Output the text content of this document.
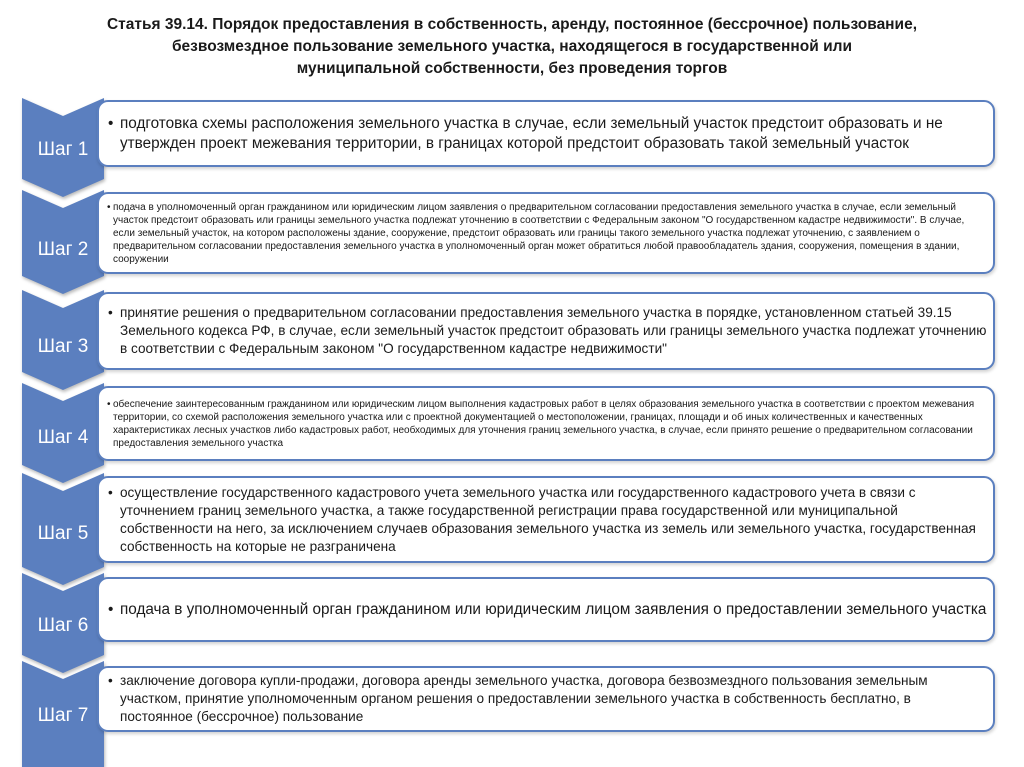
Статья 39.14. Порядок предоставления в собственность, аренду, постоянное (бессрочное) пользование,
безвозмездное пользование земельного участка, находящегося в государственной или
муниципальной собственности, без проведения торгов
Шаг 1
• подготовка схемы расположения земельного участка в случае, если земельный участок предстоит образовать и не утвержден проект межевания территории, в границах которой предстоит образовать такой земельный участок
Шаг 2
• подача в уполномоченный орган гражданином или юридическим лицом заявления о предварительном согласовании предоставления земельного участка в случае, если земельный участок предстоит образовать или границы земельного участка подлежат уточнению в соответствии с Федеральным законом "О государственном кадастре недвижимости". В случае, если земельный участок, на котором расположены здание, сооружение, предстоит образовать или границы такого земельного участка подлежат уточнению, с заявлением о предварительном согласовании предоставления земельного участка в уполномоченный орган может обратиться любой правообладатель здания, сооружения, помещения в здании, сооружении
Шаг 3
• принятие решения о предварительном согласовании предоставления земельного участка в порядке, установленном статьей 39.15 Земельного кодекса РФ, в случае, если земельный участок предстоит образовать или границы земельного участка подлежат уточнению в соответствии с Федеральным законом "О государственном кадастре недвижимости"
Шаг 4
• обеспечение заинтересованным гражданином или юридическим лицом выполнения кадастровых работ в целях образования земельного участка в соответствии с проектом межевания территории, со схемой расположения земельного участка или с проектной документацией о местоположении, границах, площади и об иных количественных и качественных характеристиках лесных участков либо кадастровых работ, необходимых для уточнения границ земельного участка, в случае, если принято решение о предварительном согласовании предоставления земельного участка
Шаг 5
• осуществление государственного кадастрового учета земельного участка или государственного кадастрового учета в связи с уточнением границ земельного участка, а также государственной регистрации права государственной или муниципальной собственности на него, за исключением случаев образования земельного участка из земель или земельного участка, государственная собственность на которые не разграничена
Шаг 6
• подача в уполномоченный орган гражданином или юридическим лицом заявления о предоставлении земельного участка
Шаг 7
• заключение договора купли-продажи, договора аренды земельного участка, договора безвозмездного пользования земельным участком, принятие уполномоченным органом решения о предоставлении земельного участка в собственность бесплатно, в постоянное (бессрочное) пользование
